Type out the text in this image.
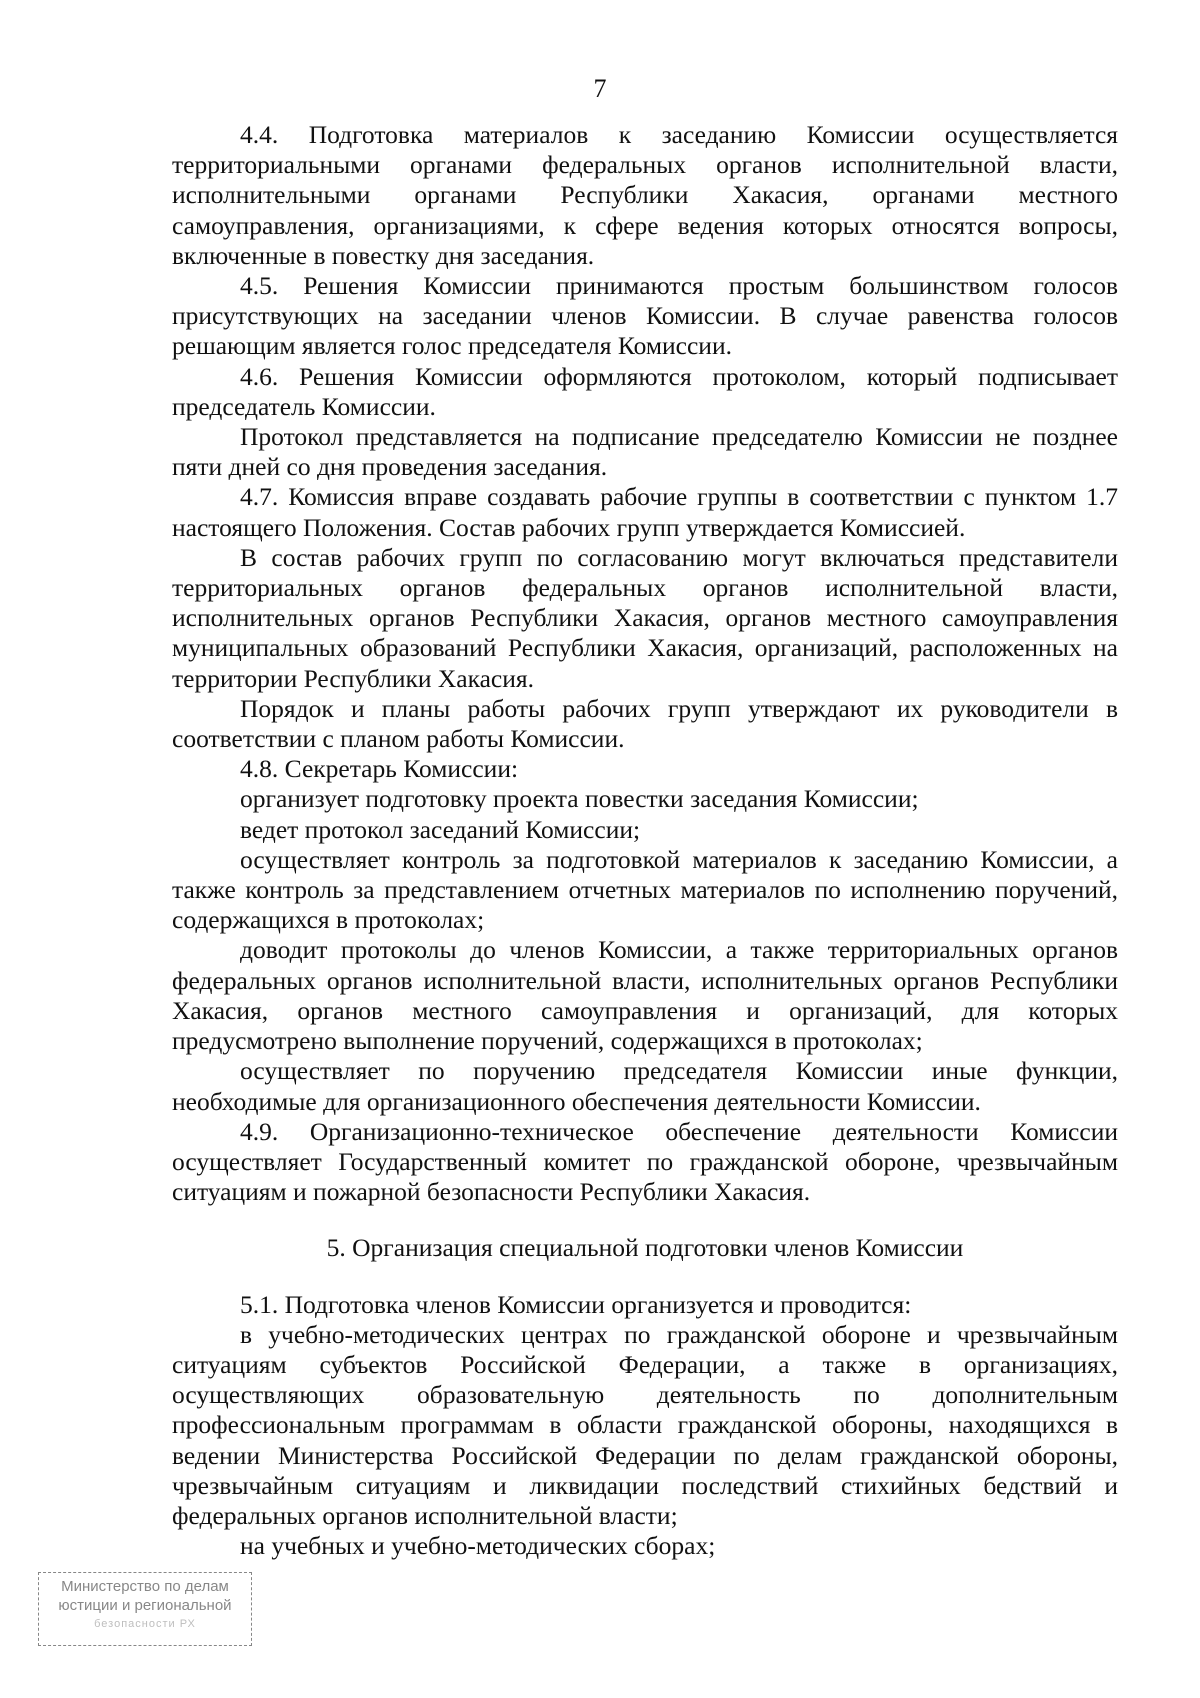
7

4.4. Подготовка материалов к заседанию Комиссии осуществляется территориальными органами федеральных органов исполнительной власти, исполнительными органами Республики Хакасия, органами местного самоуправления, организациями, к сфере ведения которых относятся вопросы, включенные в повестку дня заседания.

4.5. Решения Комиссии принимаются простым большинством голосов присутствующих на заседании членов Комиссии. В случае равенства голосов решающим является голос председателя Комиссии.

4.6. Решения Комиссии оформляются протоколом, который подписывает председатель Комиссии.

Протокол представляется на подписание председателю Комиссии не позднее пяти дней со дня проведения заседания.

4.7. Комиссия вправе создавать рабочие группы в соответствии с пунктом 1.7 настоящего Положения. Состав рабочих групп утверждается Комиссией.

В состав рабочих групп по согласованию могут включаться представители территориальных органов федеральных органов исполнительной власти, исполнительных органов Республики Хакасия, органов местного самоуправления муниципальных образований Республики Хакасия, организаций, расположенных на территории Республики Хакасия.

Порядок и планы работы рабочих групп утверждают их руководители в соответствии с планом работы Комиссии.

4.8. Секретарь Комиссии:

организует подготовку проекта повестки заседания Комиссии;

ведет протокол заседаний Комиссии;

осуществляет контроль за подготовкой материалов к заседанию Комиссии, а также контроль за представлением отчетных материалов по исполнению поручений, содержащихся в протоколах;

доводит протоколы до членов Комиссии, а также территориальных органов федеральных органов исполнительной власти, исполнительных органов Республики Хакасия, органов местного самоуправления и организаций, для которых предусмотрено выполнение поручений, содержащихся в протоколах;

осуществляет по поручению председателя Комиссии иные функции, необходимые для организационного обеспечения деятельности Комиссии.

4.9. Организационно-техническое обеспечение деятельности Комиссии осуществляет Государственный комитет по гражданской обороне, чрезвычайным ситуациям и пожарной безопасности Республики Хакасия.

5. Организация специальной подготовки членов Комиссии

5.1. Подготовка членов Комиссии организуется и проводится:

в учебно-методических центрах по гражданской обороне и чрезвычайным ситуациям субъектов Российской Федерации, а также в организациях, осуществляющих образовательную деятельность по дополнительным профессиональным программам в области гражданской обороны, находящихся в ведении Министерства Российской Федерации по делам гражданской обороны, чрезвычайным ситуациям и ликвидации последствий стихийных бедствий и федеральных органов исполнительной власти;

на учебных и учебно-методических сборах;

Министерство по делам
юстиции и региональной
безопасности РХ
